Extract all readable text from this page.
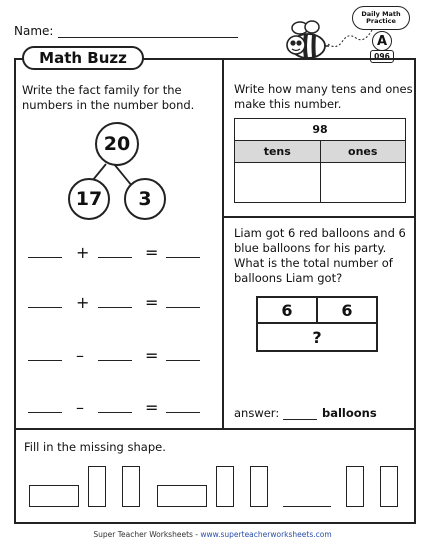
Name:
Daily Math
Practice
A
096
Math Buzz
Write the fact family for the numbers in the number bond.
20
17	3
+	=
+	=
–	=
–	=
Write how many tens and ones make this number.
98	
tens	ones

Liam got 6 red balloons and 6 blue balloons for his party. What is the total number of balloons Liam got?
6	6
?
answer:	balloons
Fill in the missing shape.
Super Teacher Worksheets - www.superteacherworksheets.com
